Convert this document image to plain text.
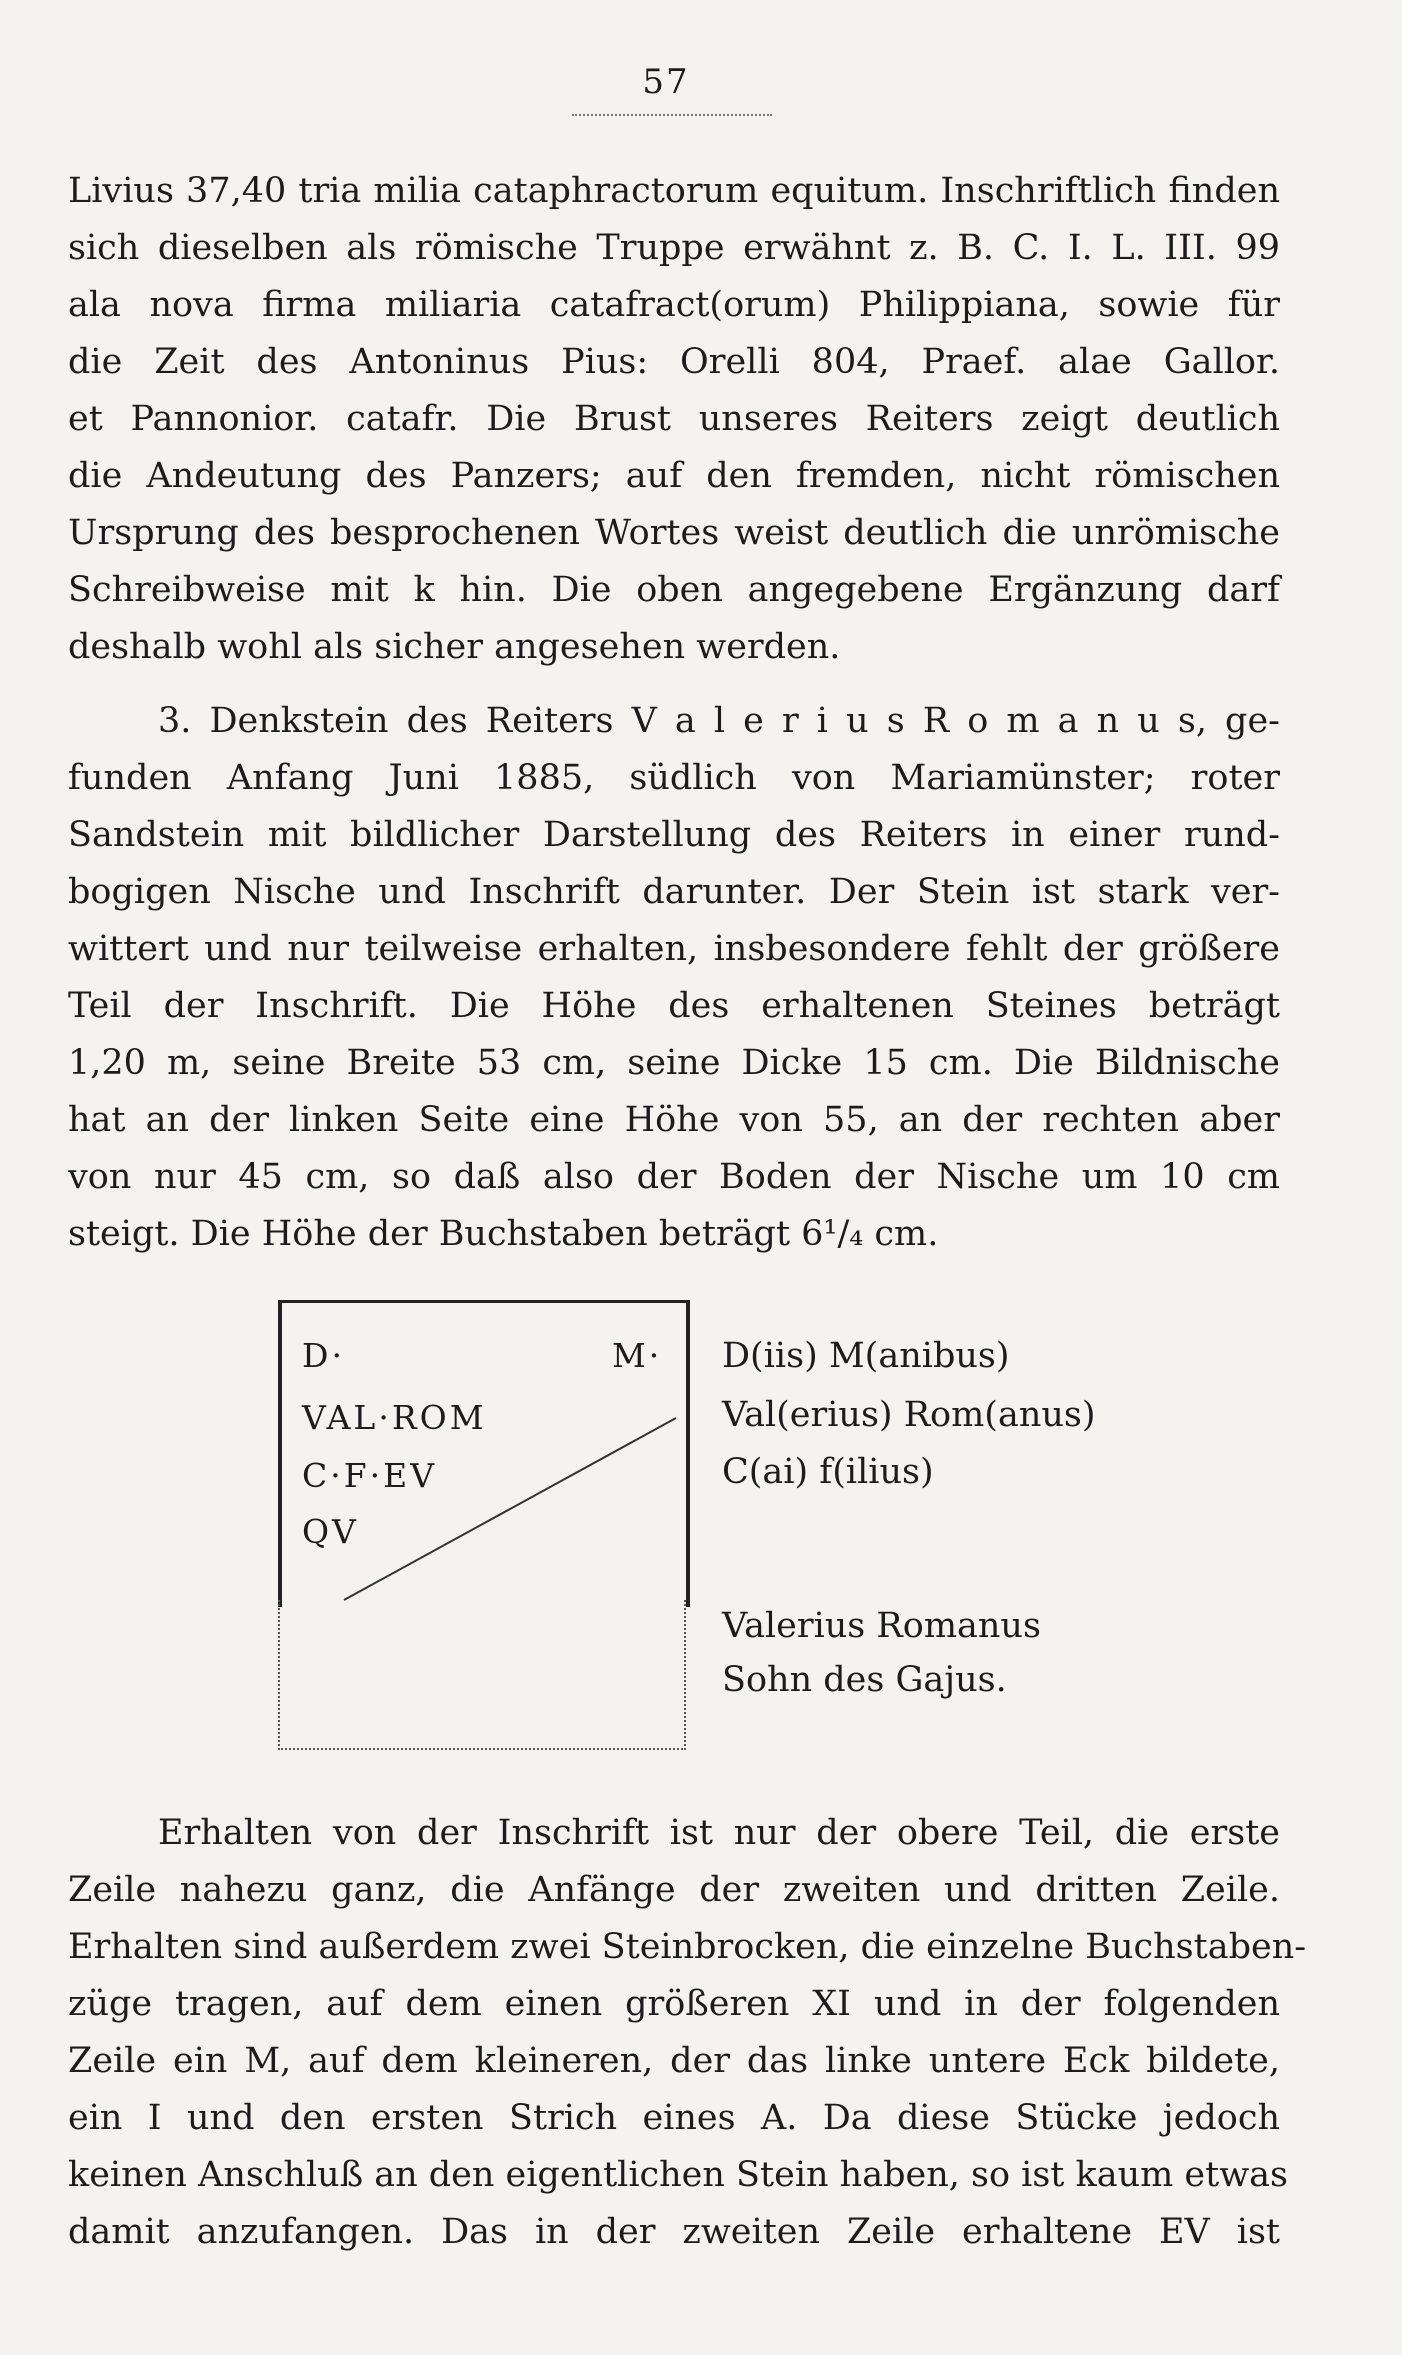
57
Livius 37,40 tria milia cataphractorum equitum. Inschriftlich finden
sich dieselben als römische Truppe erwähnt z. B. C. I. L. III. 99
ala nova firma miliaria catafract(orum) Philippiana, sowie für
die Zeit des Antoninus Pius: Orelli 804, Praef. alae Gallor.
et Pannonior. catafr. Die Brust unseres Reiters zeigt deutlich
die Andeutung des Panzers; auf den fremden, nicht römischen
Ursprung des besprochenen Wortes weist deutlich die unrömische
Schreibweise mit k hin. Die oben angegebene Ergänzung darf
deshalb wohl als sicher angesehen werden.
3. Denkstein des Reiters V a l e r i u s R o m a n u s, ge-
funden Anfang Juni 1885, südlich von Mariamünster; roter
Sandstein mit bildlicher Darstellung des Reiters in einer rund-
bogigen Nische und Inschrift darunter. Der Stein ist stark ver-
wittert und nur teilweise erhalten, insbesondere fehlt der größere
Teil der Inschrift. Die Höhe des erhaltenen Steines beträgt
1,20 m, seine Breite 53 cm, seine Dicke 15 cm. Die Bildnische
hat an der linken Seite eine Höhe von 55, an der rechten aber
von nur 45 cm, so daß also der Boden der Nische um 10 cm
steigt. Die Höhe der Buchstaben beträgt 6¹/₄ cm.
D·	M·
VAL·ROM
C·F·EV
QV
D(iis) M(anibus)
Val(erius) Rom(anus)
C(ai) f(ilius)
Valerius Romanus
Sohn des Gajus.
Erhalten von der Inschrift ist nur der obere Teil, die erste
Zeile nahezu ganz, die Anfänge der zweiten und dritten Zeile.
Erhalten sind außerdem zwei Steinbrocken, die einzelne Buchstaben-
züge tragen, auf dem einen größeren XI und in der folgenden
Zeile ein M, auf dem kleineren, der das linke untere Eck bildete,
ein I und den ersten Strich eines A. Da diese Stücke jedoch
keinen Anschluß an den eigentlichen Stein haben, so ist kaum etwas
damit anzufangen. Das in der zweiten Zeile erhaltene EV ist
